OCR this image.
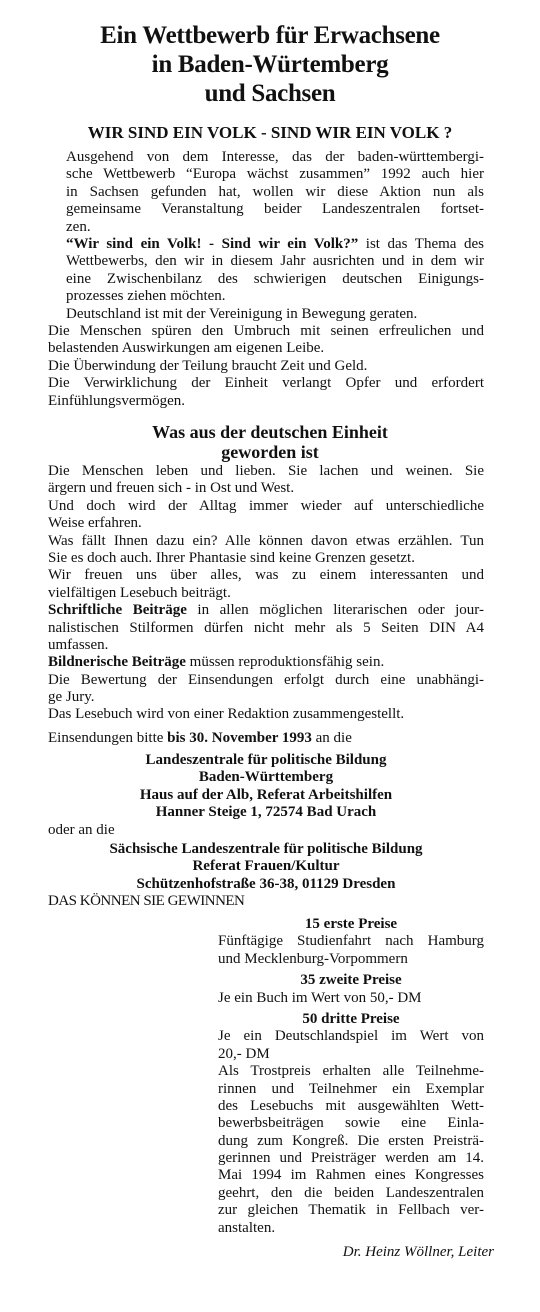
Ein Wettbewerb für Erwachsene
in Baden-Würtemberg
und Sachsen
WIR SIND EIN VOLK - SIND WIR EIN VOLK ?
Ausgehend von dem Interesse, das der baden-württembergi-
sche Wettbewerb “Europa wächst zusammen” 1992 auch hier
in Sachsen gefunden hat, wollen wir diese Aktion nun als
gemeinsame Veranstaltung beider Landeszentralen fortset-
zen.
“Wir sind ein Volk! - Sind wir ein Volk?” ist das Thema des
Wettbewerbs, den wir in diesem Jahr ausrichten und in dem wir
eine Zwischenbilanz des schwierigen deutschen Einigungs-
prozesses ziehen möchten.
Deutschland ist mit der Vereinigung in Bewegung geraten.
Die Menschen spüren den Umbruch mit seinen erfreulichen und
belastenden Auswirkungen am eigenen Leibe.
Die Überwindung der Teilung braucht Zeit und Geld.
Die Verwirklichung der Einheit verlangt Opfer und erfordert
Einfühlungsvermögen.
Was aus der deutschen Einheit
geworden ist
Die Menschen leben und lieben. Sie lachen und weinen. Sie
ärgern und freuen sich - in Ost und West.
Und doch wird der Alltag immer wieder auf unterschiedliche
Weise erfahren.
Was fällt Ihnen dazu ein? Alle können davon etwas erzählen. Tun
Sie es doch auch. Ihrer Phantasie sind keine Grenzen gesetzt.
Wir freuen uns über alles, was zu einem interessanten und
vielfältigen Lesebuch beiträgt.
Schriftliche Beiträge in allen möglichen literarischen oder jour-
nalistischen Stilformen dürfen nicht mehr als 5 Seiten DIN A4
umfassen.
Bildnerische Beiträge müssen reproduktionsfähig sein.
Die Bewertung der Einsendungen erfolgt durch eine unabhängi-
ge Jury.
Das Lesebuch wird von einer Redaktion zusammengestellt.
Einsendungen bitte bis 30. November 1993 an die
Landeszentrale für politische Bildung
Baden-Württemberg
Haus auf der Alb, Referat Arbeitshilfen
Hanner Steige 1, 72574 Bad Urach
oder an die
Sächsische Landeszentrale für politische Bildung
Referat Frauen/Kultur
Schützenhofstraße 36-38, 01129 Dresden
DAS KÖNNEN SIE GEWINNEN
15 erste Preise
Fünftägige Studienfahrt nach Hamburg
und Mecklenburg-Vorpommern
35 zweite Preise
Je ein Buch im Wert von 50,- DM
50 dritte Preise
Je ein Deutschlandspiel im Wert von
20,- DM
Als Trostpreis erhalten alle Teilnehme-
rinnen und Teilnehmer ein Exemplar
des Lesebuchs mit ausgewählten Wett-
bewerbsbeiträgen sowie eine Einla-
dung zum Kongreß. Die ersten Preisträ-
gerinnen und Preisträger werden am 14.
Mai 1994 im Rahmen eines Kongresses
geehrt, den die beiden Landeszentralen
zur gleichen Thematik in Fellbach ver-
anstalten.
Dr. Heinz Wöllner, Leiter
